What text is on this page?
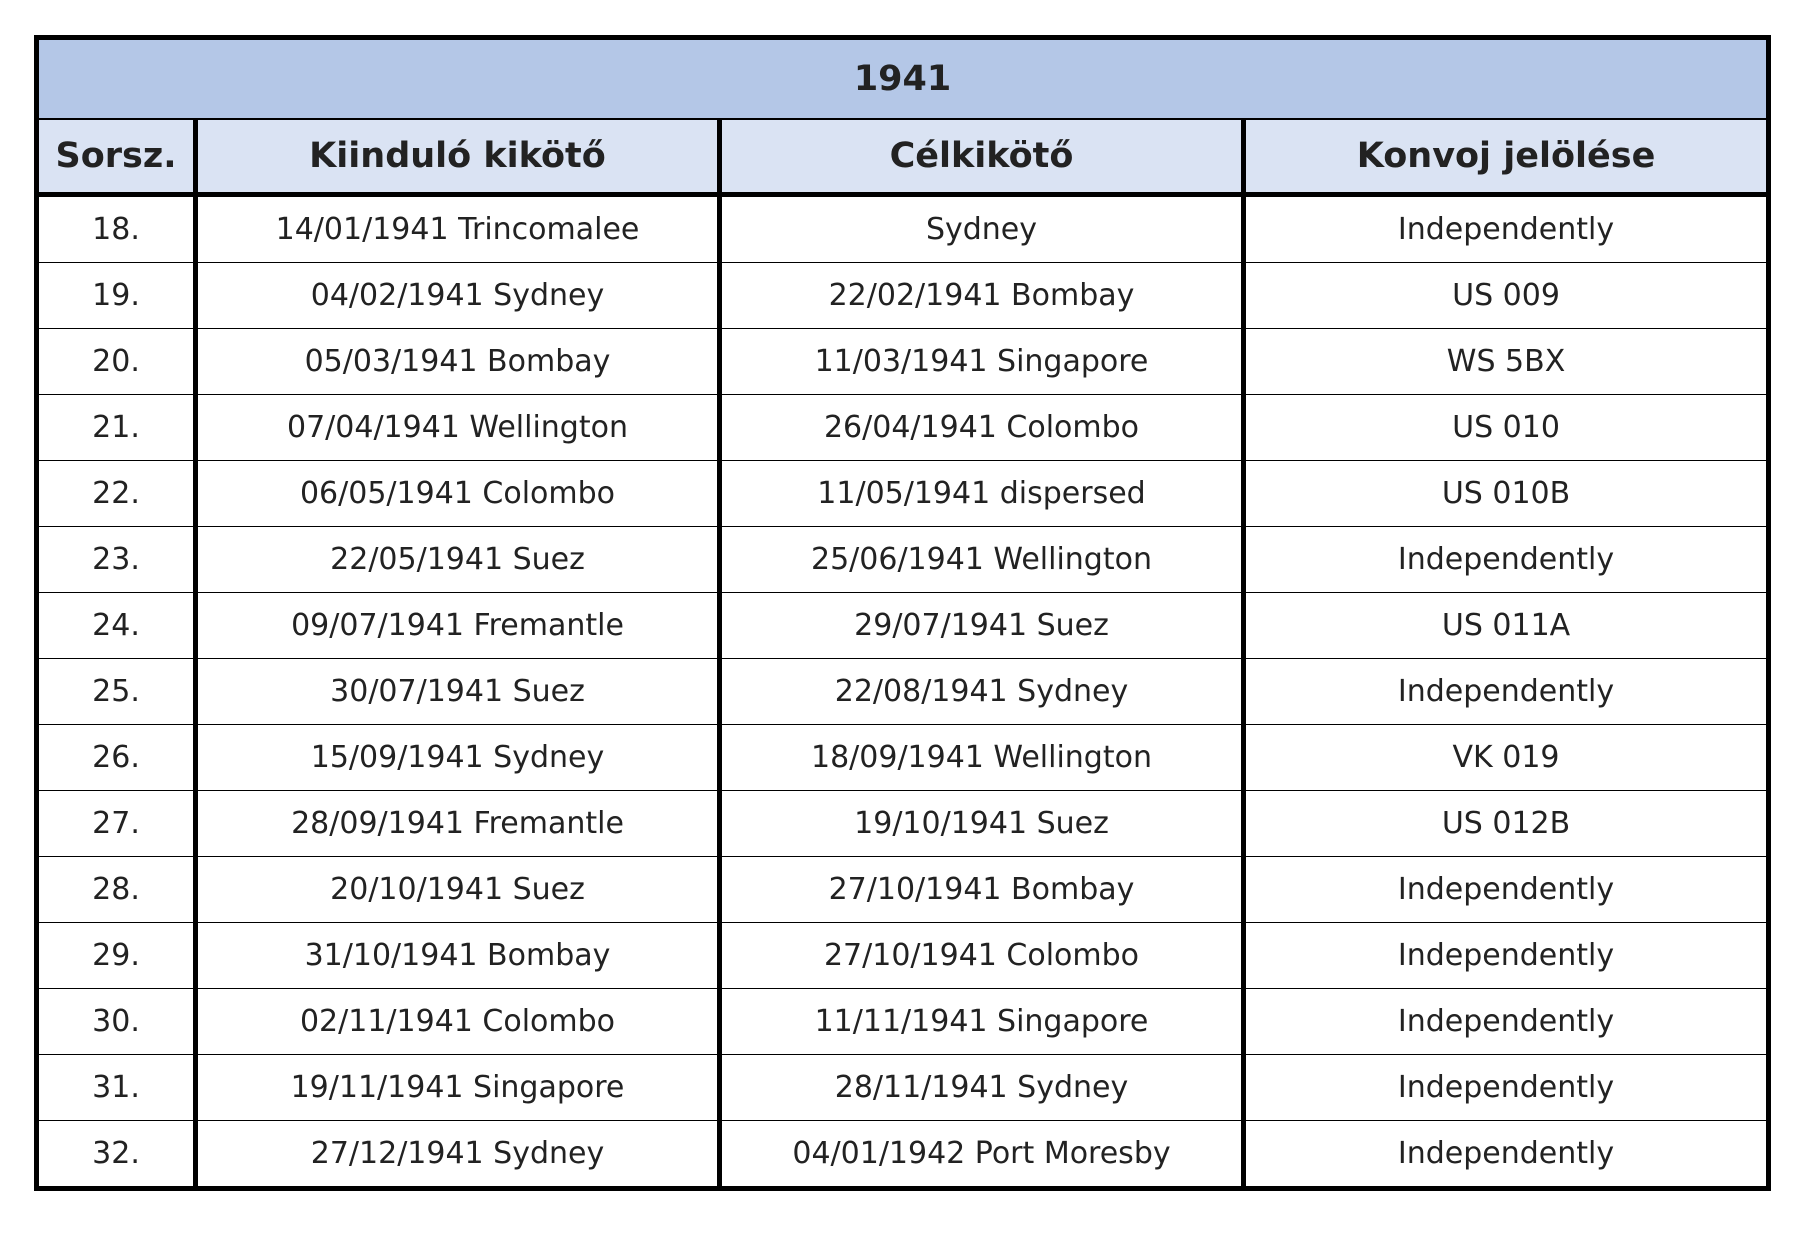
1941			
Sorsz.	Kiinduló kikötő	Célkikötő	Konvoj jelölése
18.	14/01/1941 Trincomalee	Sydney	Independently
19.	04/02/1941 Sydney	22/02/1941 Bombay	US 009
20.	05/03/1941 Bombay	11/03/1941 Singapore	WS 5BX
21.	07/04/1941 Wellington	26/04/1941 Colombo	US 010
22.	06/05/1941 Colombo	11/05/1941 dispersed	US 010B
23.	22/05/1941 Suez	25/06/1941 Wellington	Independently
24.	09/07/1941 Fremantle	29/07/1941 Suez	US 011A
25.	30/07/1941 Suez	22/08/1941 Sydney	Independently
26.	15/09/1941 Sydney	18/09/1941 Wellington	VK 019
27.	28/09/1941 Fremantle	19/10/1941 Suez	US 012B
28.	20/10/1941 Suez	27/10/1941 Bombay	Independently
29.	31/10/1941 Bombay	27/10/1941 Colombo	Independently
30.	02/11/1941 Colombo	11/11/1941 Singapore	Independently
31.	19/11/1941 Singapore	28/11/1941 Sydney	Independently
32.	27/12/1941 Sydney	04/01/1942 Port Moresby	Independently
